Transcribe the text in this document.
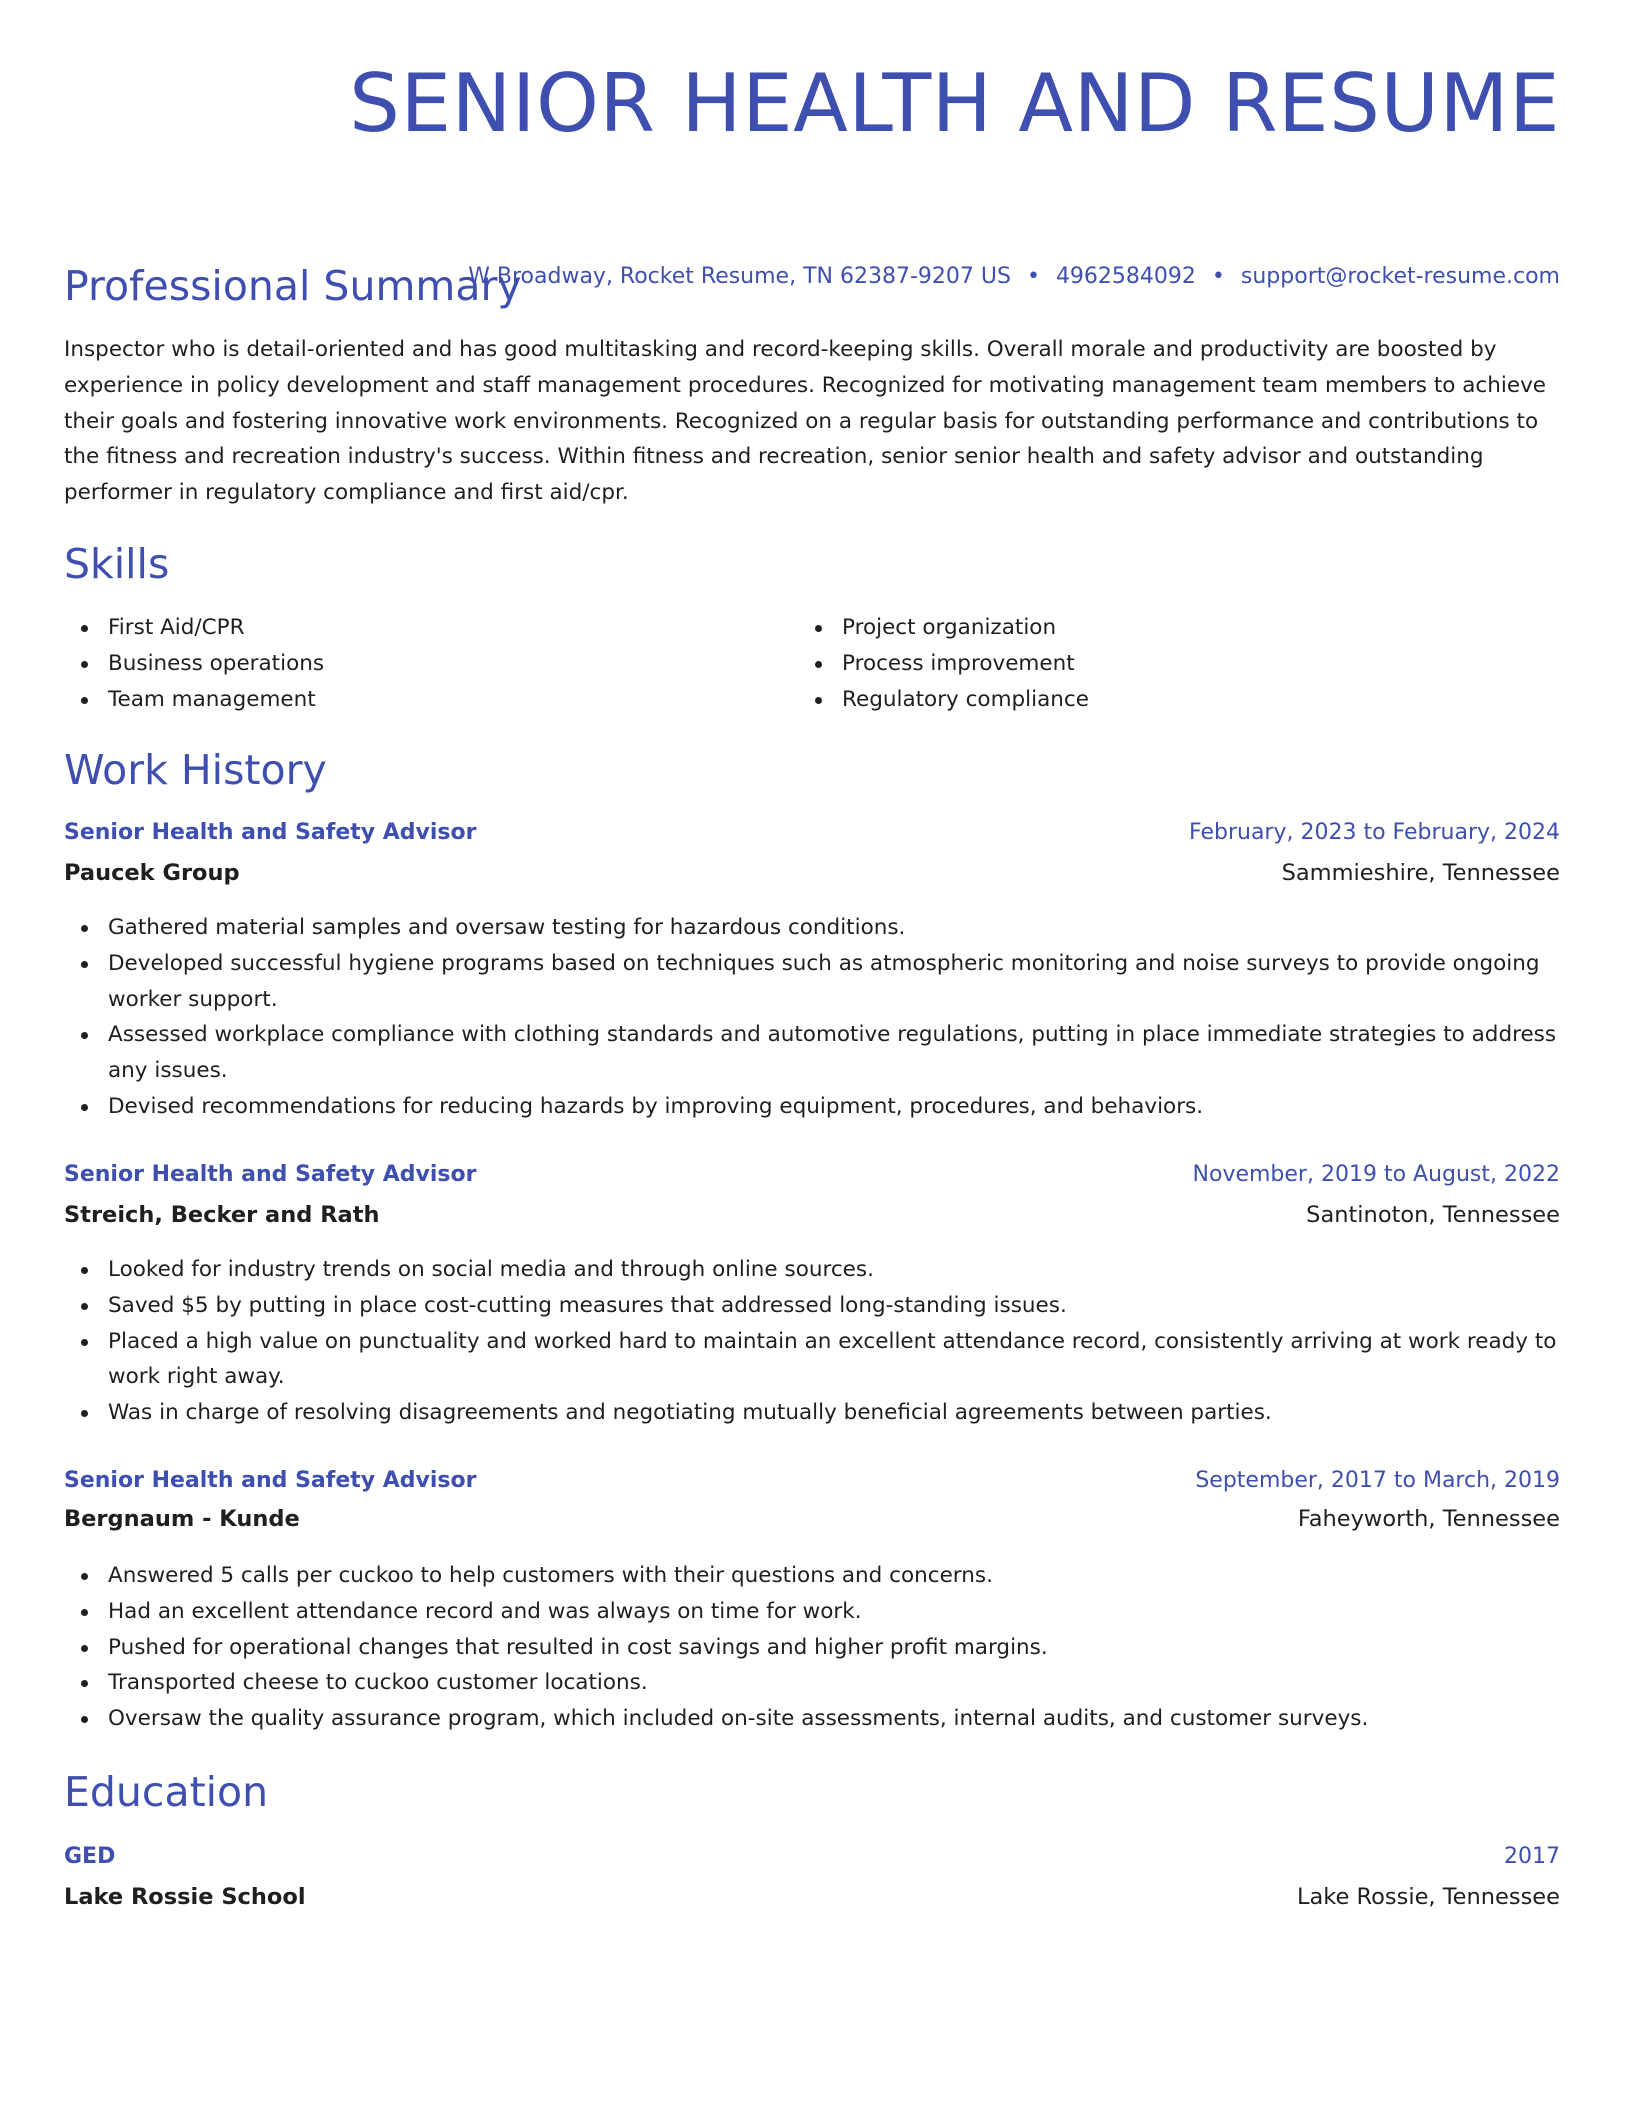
SENIOR HEALTH AND RESUME
W Broadway, Rocket Resume, TN 62387-9207 US • 4962584092 • support@rocket-resume.com
Professional Summary

Inspector who is detail-oriented and has good multitasking and record-keeping skills. Overall morale and productivity are boosted by experience in policy development and staff management procedures. Recognized for motivating management team members to achieve their goals and fostering innovative work environments. Recognized on a regular basis for outstanding performance and contributions to the fitness and recreation industry's success. Within fitness and recreation, senior senior health and safety advisor and outstanding performer in regulatory compliance and first aid/cpr.

Skills
First Aid/CPR
Business operations
Team management
Project organization
Process improvement
Regulatory compliance
Work History
Senior Health and Safety Advisor	February, 2023 to February, 2024
Paucek Group	Sammieshire, Tennessee
Gathered material samples and oversaw testing for hazardous conditions.
Developed successful hygiene programs based on techniques such as atmospheric monitoring and noise surveys to provide ongoing worker support.
Assessed workplace compliance with clothing standards and automotive regulations, putting in place immediate strategies to address any issues.
Devised recommendations for reducing hazards by improving equipment, procedures, and behaviors.
Senior Health and Safety Advisor	November, 2019 to August, 2022
Streich, Becker and Rath	Santinoton, Tennessee
Looked for industry trends on social media and through online sources.
Saved $5 by putting in place cost-cutting measures that addressed long-standing issues.
Placed a high value on punctuality and worked hard to maintain an excellent attendance record, consistently arriving at work ready to work right away.
Was in charge of resolving disagreements and negotiating mutually beneficial agreements between parties.
Senior Health and Safety Advisor	September, 2017 to March, 2019
Bergnaum - Kunde	Faheyworth, Tennessee
Answered 5 calls per cuckoo to help customers with their questions and concerns.
Had an excellent attendance record and was always on time for work.
Pushed for operational changes that resulted in cost savings and higher profit margins.
Transported cheese to cuckoo customer locations.
Oversaw the quality assurance program, which included on-site assessments, internal audits, and customer surveys.
Education
GED	2017
Lake Rossie School	Lake Rossie, Tennessee
